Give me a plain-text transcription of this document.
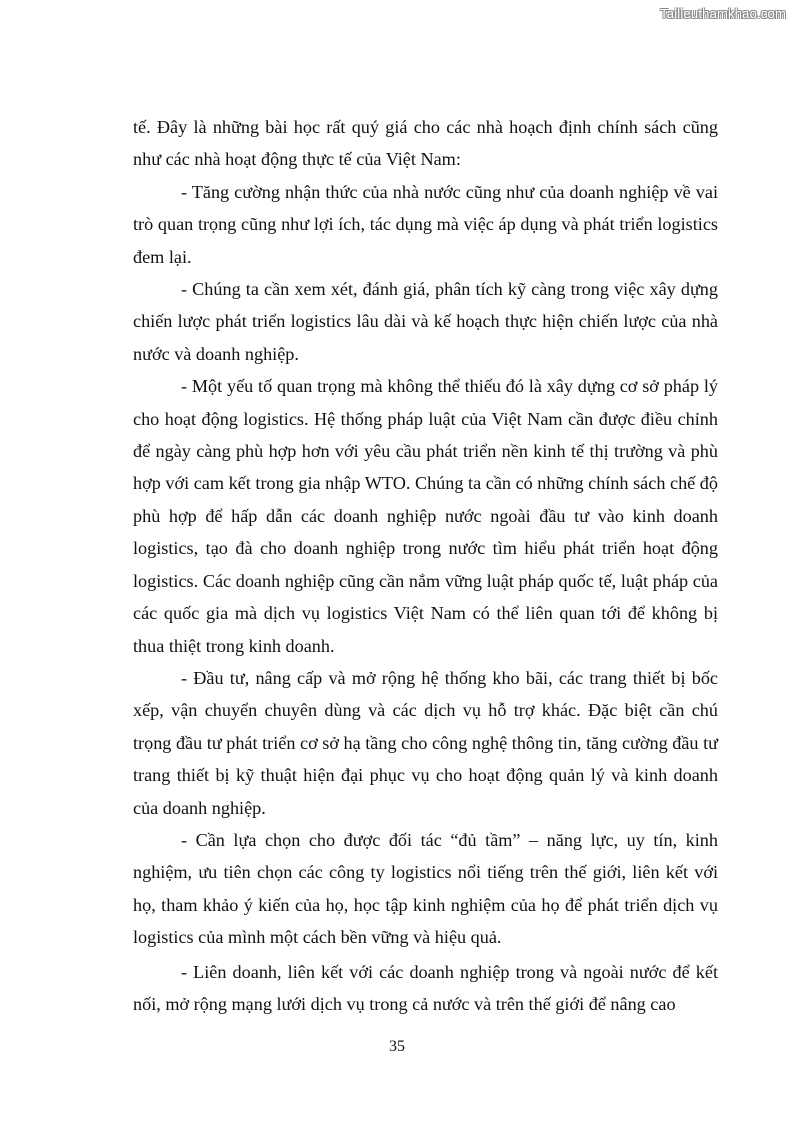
Tailieuthamkhao.com

tế. Đây là những bài học rất quý giá cho các nhà hoạch định chính sách cũng như các nhà hoạt động thực tế của Việt Nam:

- Tăng cường nhận thức của nhà nước cũng như của doanh nghiệp về vai trò quan trọng cũng như lợi ích, tác dụng mà việc áp dụng và phát triển logistics đem lại.

- Chúng ta cần xem xét, đánh giá, phân tích kỹ càng trong việc xây dựng chiến lược phát triển logistics lâu dài và kế hoạch thực hiện chiến lược của nhà nước và doanh nghiệp.

- Một yếu tố quan trọng mà không thể thiếu đó là xây dựng cơ sở pháp lý cho hoạt động logistics. Hệ thống pháp luật của Việt Nam cần được điều chỉnh để ngày càng phù hợp hơn với yêu cầu phát triển nền kinh tế thị trường và phù hợp với cam kết trong gia nhập WTO. Chúng ta cần có những chính sách chế độ phù hợp để hấp dẫn các doanh nghiệp nước ngoài đầu tư vào kinh doanh logistics, tạo đà cho doanh nghiệp trong nước tìm hiểu phát triển hoạt động logistics. Các doanh nghiệp cũng cần nắm vững luật pháp quốc tế, luật pháp của các quốc gia mà dịch vụ logistics Việt Nam có thể liên quan tới để không bị thua thiệt trong kinh doanh.

- Đầu tư, nâng cấp và mở rộng hệ thống kho bãi, các trang thiết bị bốc xếp, vận chuyển chuyên dùng và các dịch vụ hỗ trợ khác. Đặc biệt cần chú trọng đầu tư phát triển cơ sở hạ tầng cho công nghệ thông tin, tăng cường đầu tư trang thiết bị kỹ thuật hiện đại phục vụ cho hoạt động quản lý và kinh doanh của doanh nghiệp.

- Cần lựa chọn cho được đối tác “đủ tầm” – năng lực, uy tín, kinh nghiệm, ưu tiên chọn các công ty logistics nổi tiếng trên thế giới, liên kết với họ, tham khảo ý kiến của họ, học tập kinh nghiệm của họ để phát triển dịch vụ logistics của mình một cách bền vững và hiệu quả.

- Liên doanh, liên kết với các doanh nghiệp trong và ngoài nước để kết nối, mở rộng mạng lưới dịch vụ trong cả nước và trên thế giới để nâng cao

35
